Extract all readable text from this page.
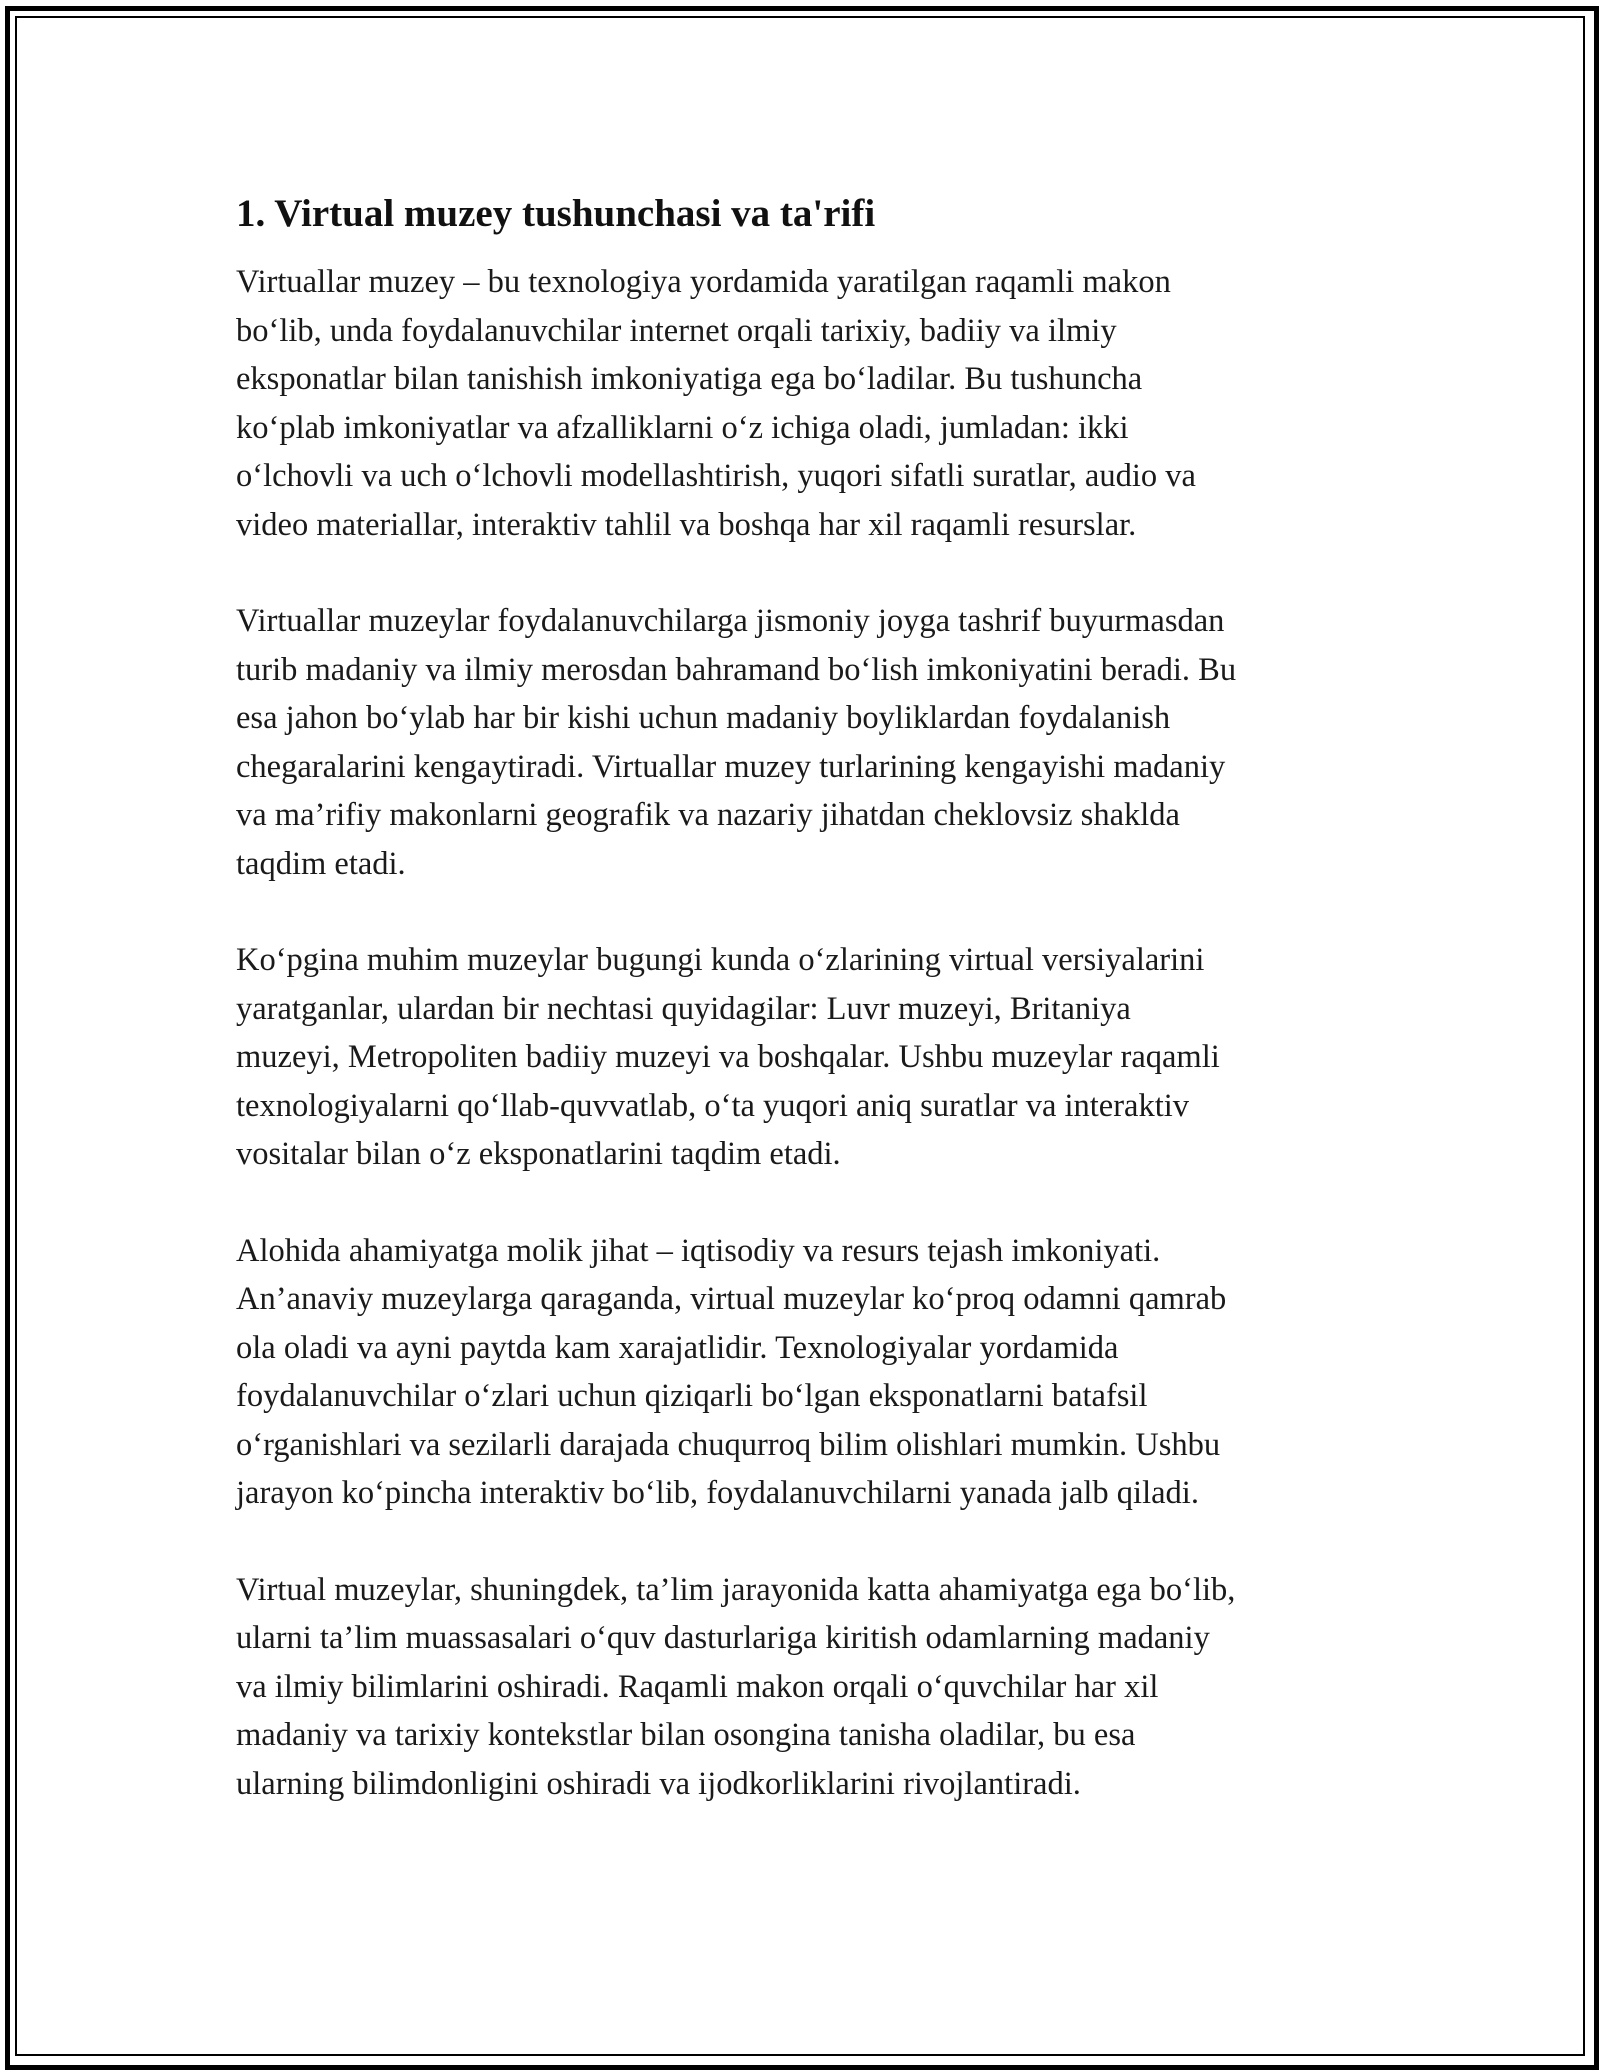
1. Virtual muzey tushunchasi va ta'rifi

Virtuallar muzey – bu texnologiya yordamida yaratilgan raqamli makon
bo‘lib, unda foydalanuvchilar internet orqali tarixiy, badiiy va ilmiy
eksponatlar bilan tanishish imkoniyatiga ega bo‘ladilar. Bu tushuncha
ko‘plab imkoniyatlar va afzalliklarni o‘z ichiga oladi, jumladan: ikki
o‘lchovli va uch o‘lchovli modellashtirish, yuqori sifatli suratlar, audio va
video materiallar, interaktiv tahlil va boshqa har xil raqamli resurslar.

Virtuallar muzeylar foydalanuvchilarga jismoniy joyga tashrif buyurmasdan
turib madaniy va ilmiy merosdan bahramand bo‘lish imkoniyatini beradi. Bu
esa jahon bo‘ylab har bir kishi uchun madaniy boyliklardan foydalanish
chegaralarini kengaytiradi. Virtuallar muzey turlarining kengayishi madaniy
va ma’rifiy makonlarni geografik va nazariy jihatdan cheklovsiz shaklda
taqdim etadi.

Ko‘pgina muhim muzeylar bugungi kunda o‘zlarining virtual versiyalarini
yaratganlar, ulardan bir nechtasi quyidagilar: Luvr muzeyi, Britaniya
muzeyi, Metropoliten badiiy muzeyi va boshqalar. Ushbu muzeylar raqamli
texnologiyalarni qo‘llab-quvvatlab, o‘ta yuqori aniq suratlar va interaktiv
vositalar bilan o‘z eksponatlarini taqdim etadi.

Alohida ahamiyatga molik jihat – iqtisodiy va resurs tejash imkoniyati.
An’anaviy muzeylarga qaraganda, virtual muzeylar ko‘proq odamni qamrab
ola oladi va ayni paytda kam xarajatlidir. Texnologiyalar yordamida
foydalanuvchilar o‘zlari uchun qiziqarli bo‘lgan eksponatlarni batafsil
o‘rganishlari va sezilarli darajada chuqurroq bilim olishlari mumkin. Ushbu
jarayon ko‘pincha interaktiv bo‘lib, foydalanuvchilarni yanada jalb qiladi.

Virtual muzeylar, shuningdek, ta’lim jarayonida katta ahamiyatga ega bo‘lib,
ularni ta’lim muassasalari o‘quv dasturlariga kiritish odamlarning madaniy
va ilmiy bilimlarini oshiradi. Raqamli makon orqali o‘quvchilar har xil
madaniy va tarixiy kontekstlar bilan osongina tanisha oladilar, bu esa
ularning bilimdonligini oshiradi va ijodkorliklarini rivojlantiradi.
